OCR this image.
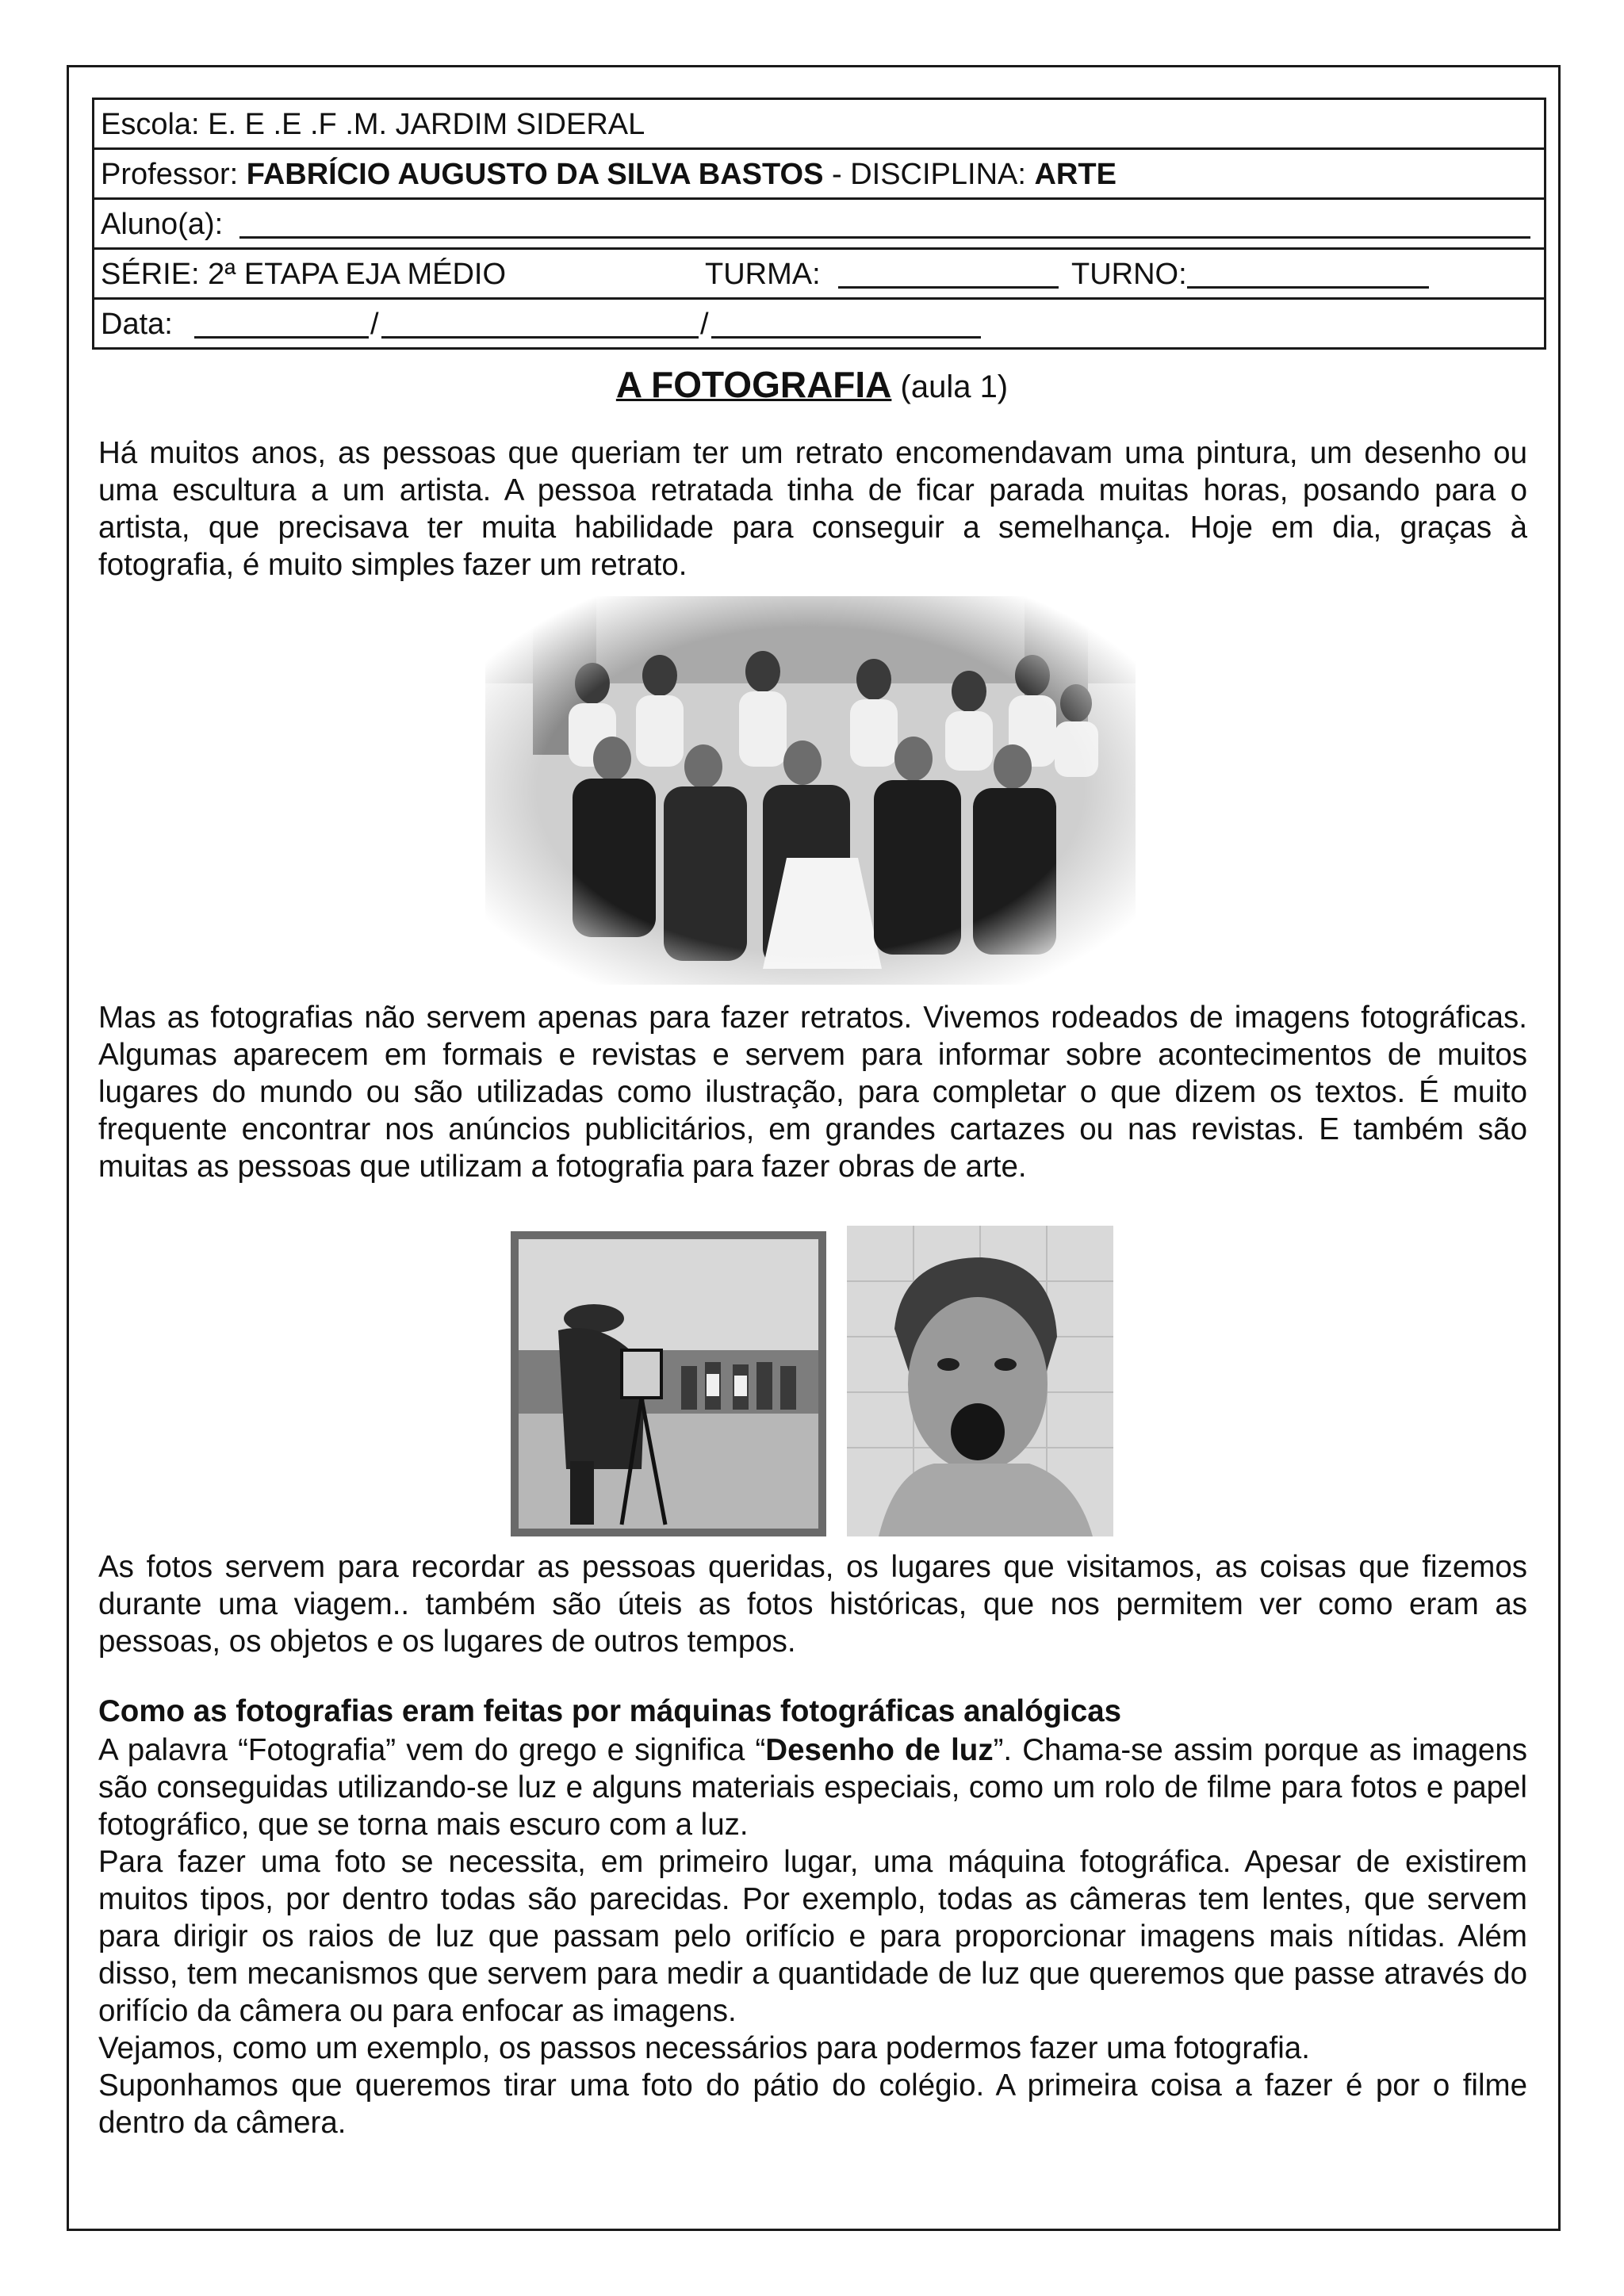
Escola: E. E .E .F .M. JARDIM SIDERAL
Professor: FABRÍCIO AUGUSTO DA SILVA BASTOS - DISCIPLINA: ARTE
Aluno(a):
SÉRIE: 2ª ETAPA EJA MÉDIO	TURMA:	TURNO:
Data:	/	/
A FOTOGRAFIA (aula 1)

Há muitos anos, as pessoas que queriam ter um retrato encomendavam uma pintura, um desenho ou uma escultura a um artista. A pessoa retratada tinha de ficar parada muitas horas, posando para o artista, que precisava ter muita habilidade para conseguir a semelhança. Hoje em dia, graças à fotografia, é muito simples fazer um retrato.

Mas as fotografias não servem apenas para fazer retratos. Vivemos rodeados de imagens fotográficas. Algumas aparecem em formais e revistas e servem para informar sobre acontecimentos de muitos lugares do mundo ou são utilizadas como ilustração, para completar o que dizem os textos. É muito frequente encontrar nos anúncios publicitários, em grandes cartazes ou nas revistas. E também são muitas as pessoas que utilizam a fotografia para fazer obras de arte.

As fotos servem para recordar as pessoas queridas, os lugares que visitamos, as coisas que fizemos durante uma viagem.. também são úteis as fotos históricas, que nos permitem ver como eram as pessoas, os objetos e os lugares de outros tempos.

Como as fotografias eram feitas por máquinas fotográficas analógicas

A palavra “Fotografia” vem do grego e significa “Desenho de luz”. Chama-se assim porque as imagens são conseguidas utilizando-se luz e alguns materiais especiais, como um rolo de filme para fotos e papel fotográfico, que se torna mais escuro com a luz.

Para fazer uma foto se necessita, em primeiro lugar, uma máquina fotográfica. Apesar de existirem muitos tipos, por dentro todas são parecidas. Por exemplo, todas as câmeras tem lentes, que servem para dirigir os raios de luz que passam pelo orifício e para proporcionar imagens mais nítidas. Além disso, tem mecanismos que servem para medir a quantidade de luz que queremos que passe através do orifício da câmera ou para enfocar as imagens.

Vejamos, como um exemplo, os passos necessários para podermos fazer uma fotografia.

Suponhamos que queremos tirar uma foto do pátio do colégio. A primeira coisa a fazer é por o filme dentro da câmera.
